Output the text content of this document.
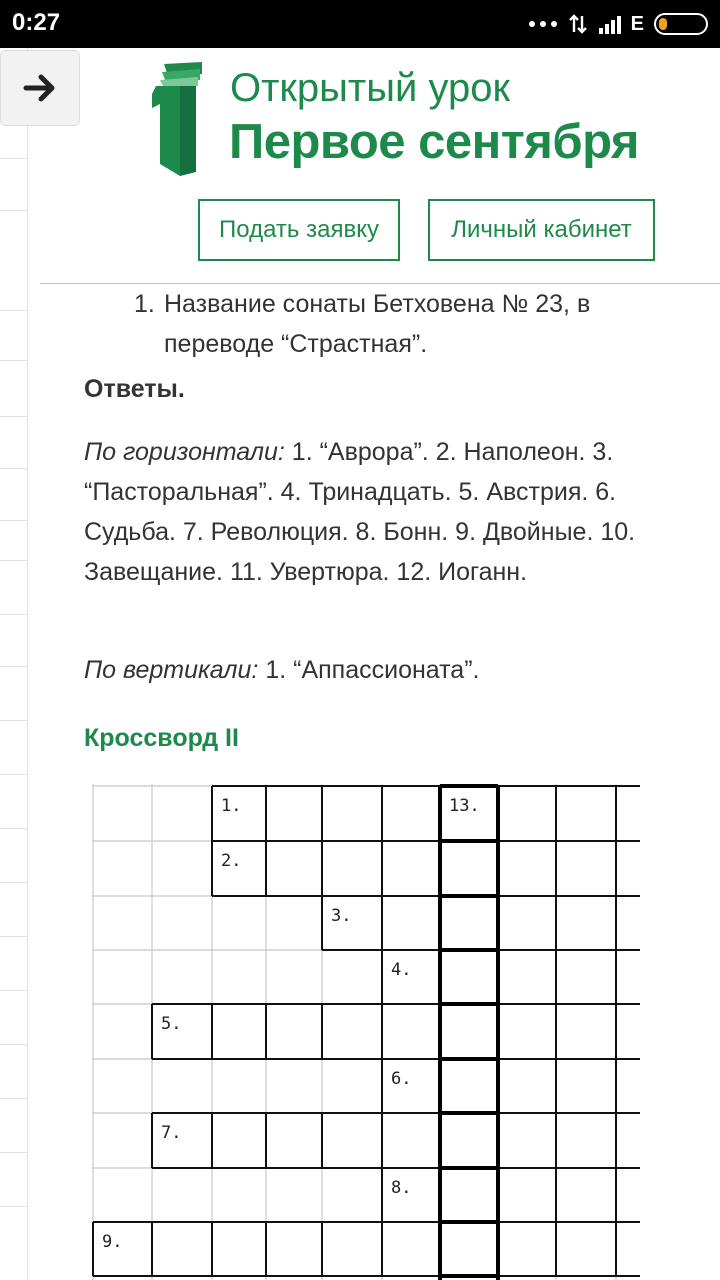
0:27	E
Открытый урок
Первое сентября
Подать заявку	Личный кабинет
1. Название сонаты Бетховена № 23, в переводе “Страстная”.
Ответы.
По горизонтали: 1. “Аврора”. 2. Наполеон. 3. “Пасторальная”. 4. Тринадцать. 5. Австрия. 6. Судьба. 7. Революция. 8. Бонн. 9. Двойные. 10. Завещание. 11. Увертюра. 12. Иоганн.
По вертикали: 1. “Аппассионата”.
Кроссворд II
1.	13.
2.
3.
4.
5.
6.
7.
8.
9.
